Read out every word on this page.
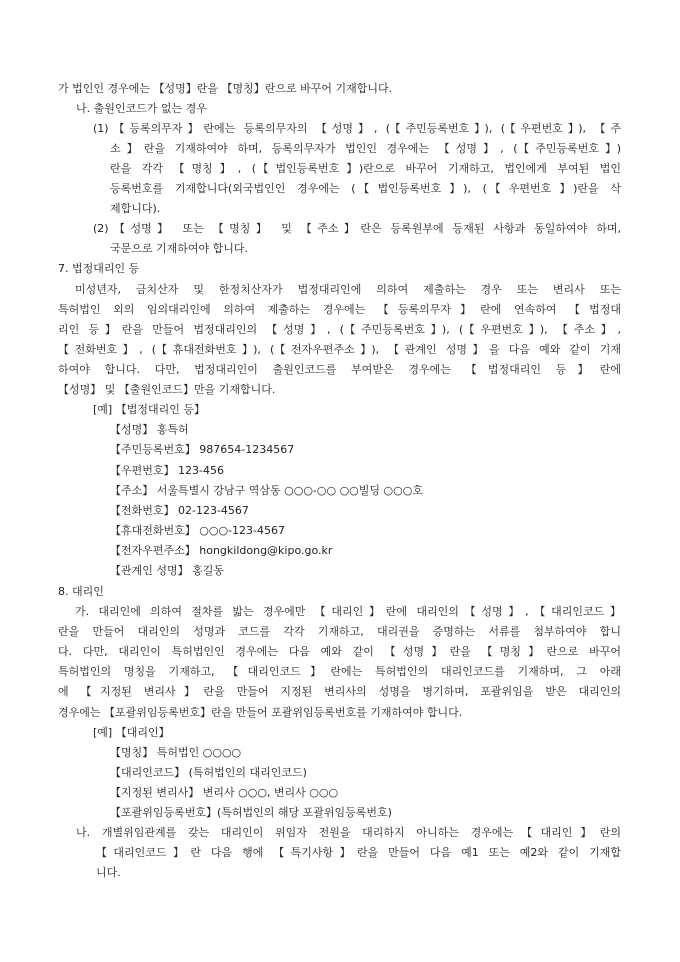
가 법인인 경우에는 【성명】란을 【명칭】란으로 바꾸어 기재합니다.
나. 출원인코드가 없는 경우
(1)【등록의무자】란에는 등록의무자의 【성명】, (【주민등록번호】), (【우편번호】), 【주
소】란을 기재하여야 하며, 등록의무자가 법인인 경우에는 【성명】, (【주민등록번호】)
란을 각각 【명칭】, (【법인등록번호】)란으로 바꾸어 기재하고, 법인에게 부여된 법인
등록번호를 기재합니다(외국법인인 경우에는 (【법인등록번호】), (【우편번호】)란을 삭
제합니다).
(2)【성명】 또는 【명칭】 및 【주소】란은 등록원부에 등재된 사항과 동일하여야 하며,
국문으로 기재하여야 합니다.
7. 법정대리인 등
미성년자, 금치산자 및 한정치산자가 법정대리인에 의하여 제출하는 경우 또는 변리사 또는
특허법인 외의 임의대리인에 의하여 제출하는 경우에는 【등록의무자】란에 연속하여 【법정대
리인 등】란을 만들어 법정대리인의 【성명】, (【주민등록번호】), (【우편번호】), 【주소】,
【전화번호】, (【휴대전화번호】), (【전자우편주소】), 【관계인 성명】을 다음 예와 같이 기재
하여야 합니다. 다만, 법정대리인이 출원인코드를 부여받은 경우에는 【법정대리인 등】란에
【성명】 및 【출원인코드】만을 기재합니다.
[예] 【법정대리인 등】
【성명】 홍특허
【주민등록번호】 987654-1234567
【우편번호】 123-456
【주소】 서울특별시 강남구 역삼동 ○○○-○○ ○○빌딩 ○○○호
【전화번호】 02-123-4567
【휴대전화번호】 ○○○-123-4567
【전자우편주소】 hongkildong@kipo.go.kr
【관계인 성명】 홍길동
8. 대리인
가. 대리인에 의하여 절차를 밟는 경우에만 【대리인】란에 대리인의【성명】,【대리인코드】
란을 만들어 대리인의 성명과 코드를 각각 기재하고, 대리권을 증명하는 서류를 첨부하여야 합니
다. 다만, 대리인이 특허법인인 경우에는 다음 예와 같이 【성명】란을 【명칭】란으로 바꾸어
특허법인의 명칭을 기재하고, 【대리인코드】란에는 특허법인의 대리인코드를 기재하며, 그 아래
에 【지정된 변리사】란을 만들어 지정된 변리사의 성명을 병기하며, 포괄위임을 받은 대리인의
경우에는 【포괄위임등록번호】란을 만들어 포괄위임등록번호를 기재하여야 합니다.
[예] 【대리인】
【명칭】 특허법인 ○○○○
【대리인코드】 (특허법인의 대리인코드)
【지정된 변리사】 변리사 ○○○, 변리사 ○○○
【포괄위임등록번호】(특허법인의 해당 포괄위임등록번호)
나. 개별위임관계를 갖는 대리인이 위임자 전원을 대리하지 아니하는 경우에는【대리인】란의
【대리인코드】란 다음 행에 【특기사항】란을 만들어 다음 예1 또는 예2와 같이 기재합
니다.
